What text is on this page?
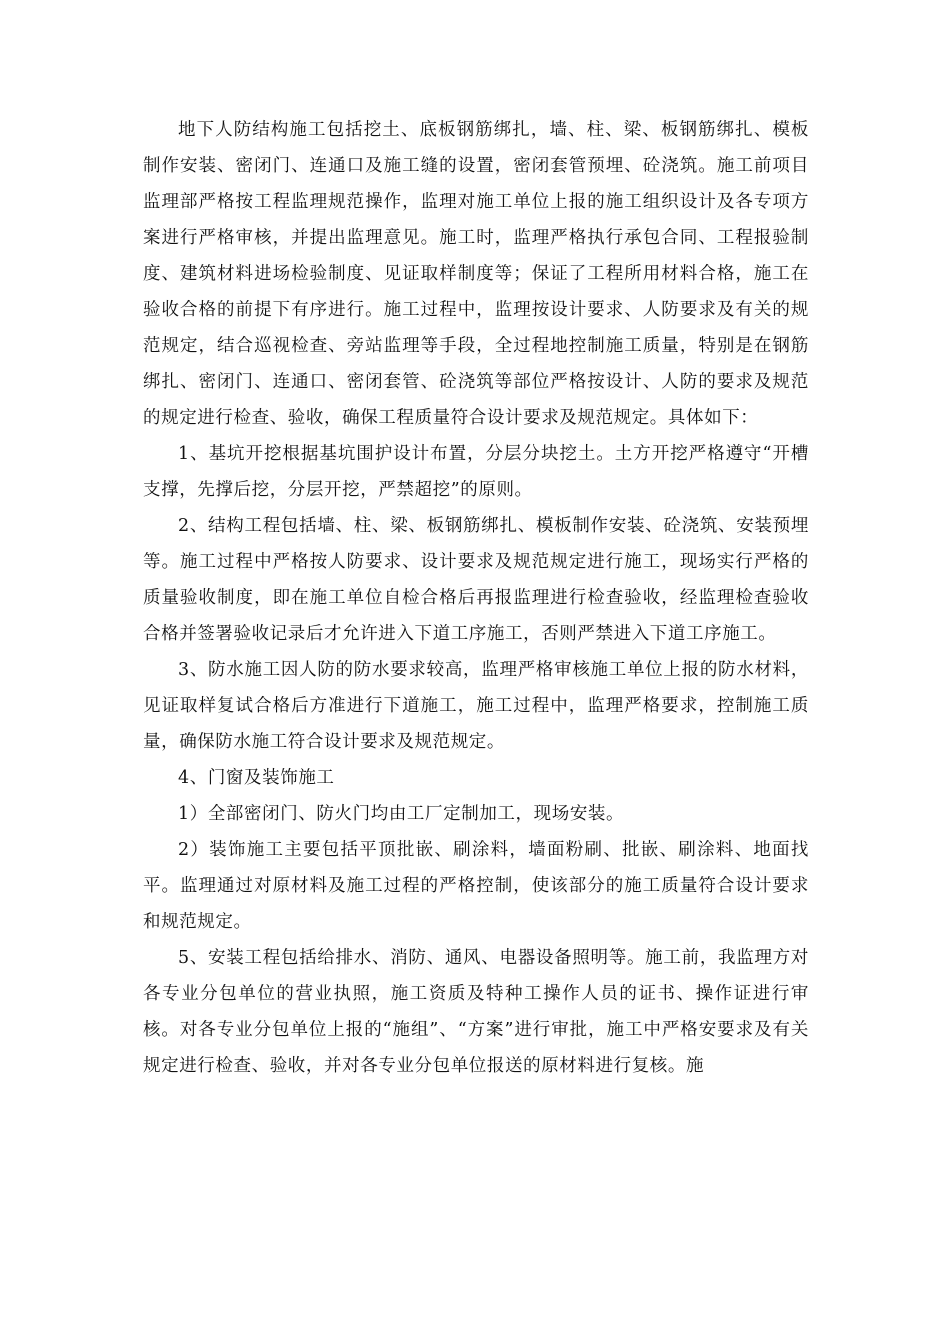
地下人防结构施工包括挖土、底板钢筋绑扎，墙、柱、梁、板钢筋绑扎、模板制作安装、密闭门、连通口及施工缝的设置，密闭套管预埋、砼浇筑。施工前项目监理部严格按工程监理规范操作，监理对施工单位上报的施工组织设计及各专项方案进行严格审核，并提出监理意见。施工时，监理严格执行承包合同、工程报验制度、建筑材料进场检验制度、见证取样制度等；保证了工程所用材料合格，施工在验收合格的前提下有序进行。施工过程中，监理按设计要求、人防要求及有关的规范规定，结合巡视检查、旁站监理等手段，全过程地控制施工质量，特别是在钢筋绑扎、密闭门、连通口、密闭套管、砼浇筑等部位严格按设计、人防的要求及规范的规定进行检查、验收，确保工程质量符合设计要求及规范规定。具体如下：

1、基坑开挖根据基坑围护设计布置，分层分块挖土。土方开挖严格遵守“开槽支撑，先撑后挖，分层开挖，严禁超挖”的原则。

2、结构工程包括墙、柱、梁、板钢筋绑扎、模板制作安装、砼浇筑、安装预埋等。施工过程中严格按人防要求、设计要求及规范规定进行施工，现场实行严格的质量验收制度，即在施工单位自检合格后再报监理进行检查验收，经监理检查验收合格并签署验收记录后才允许进入下道工序施工，否则严禁进入下道工序施工。

3、防水施工因人防的防水要求较高，监理严格审核施工单位上报的防水材料，见证取样复试合格后方准进行下道施工，施工过程中，监理严格要求，控制施工质量，确保防水施工符合设计要求及规范规定。

4、门窗及装饰施工

1）全部密闭门、防火门均由工厂定制加工，现场安装。

2）装饰施工主要包括平顶批嵌、刷涂料，墙面粉刷、批嵌、刷涂料、地面找平。监理通过对原材料及施工过程的严格控制，使该部分的施工质量符合设计要求和规范规定。

5、安装工程包括给排水、消防、通风、电器设备照明等。施工前，我监理方对各专业分包单位的营业执照，施工资质及特种工操作人员的证书、操作证进行审核。对各专业分包单位上报的“施组”、“方案”进行审批，施工中严格安要求及有关规定进行检查、验收，并对各专业分包单位报送的原材料进行复核。施
